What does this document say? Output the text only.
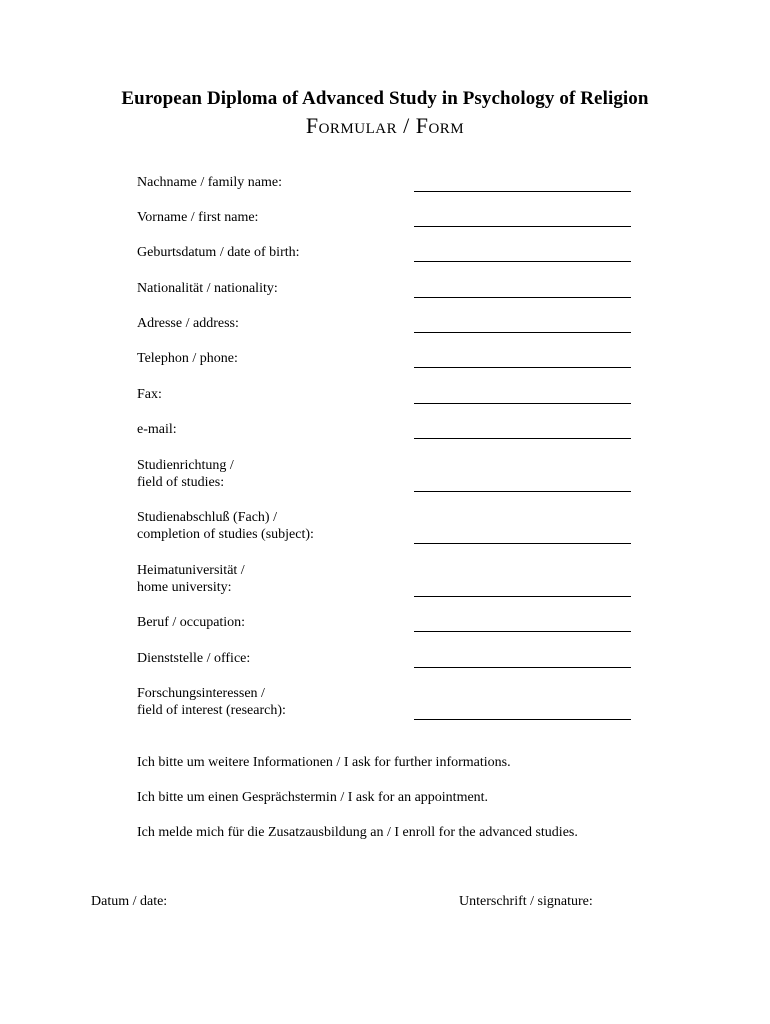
European Diploma of Advanced Study in Psychology of Religion
Formular / Form
Nachname / family name:
Vorname / first name:
Geburtsdatum / date of birth:
Nationalität / nationality:
Adresse / address:
Telephon / phone:
Fax:
e-mail:
Studienrichtung /
field of studies:
Studienabschluß (Fach) /
completion of studies (subject):
Heimatuniversität /
home university:
Beruf / occupation:
Dienststelle / office:
Forschungsinteressen /
field of interest (research):
Ich bitte um weitere Informationen / I ask for further informations.
Ich bitte um einen Gesprächstermin / I ask for an appointment.
Ich melde mich für die Zusatzausbildung an / I enroll for the advanced studies.
Datum / date:	Unterschrift / signature:
